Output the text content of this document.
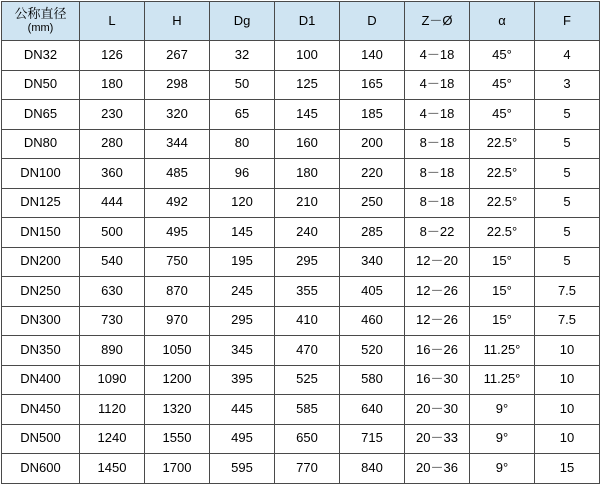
公称直径
(mm)	L	H	Dg	D1	D	Z－Ø	α	F
DN32	126	267	32	100	140	4－18	45°	4
DN50	180	298	50	125	165	4－18	45°	3
DN65	230	320	65	145	185	4－18	45°	5
DN80	280	344	80	160	200	8－18	22.5°	5
DN100	360	485	96	180	220	8－18	22.5°	5
DN125	444	492	120	210	250	8－18	22.5°	5
DN150	500	495	145	240	285	8－22	22.5°	5
DN200	540	750	195	295	340	12－20	15°	5
DN250	630	870	245	355	405	12－26	15°	7.5
DN300	730	970	295	410	460	12－26	15°	7.5
DN350	890	1050	345	470	520	16－26	11.25°	10
DN400	1090	1200	395	525	580	16－30	11.25°	10
DN450	1120	1320	445	585	640	20－30	9°	10
DN500	1240	1550	495	650	715	20－33	9°	10
DN600	1450	1700	595	770	840	20－36	9°	15
